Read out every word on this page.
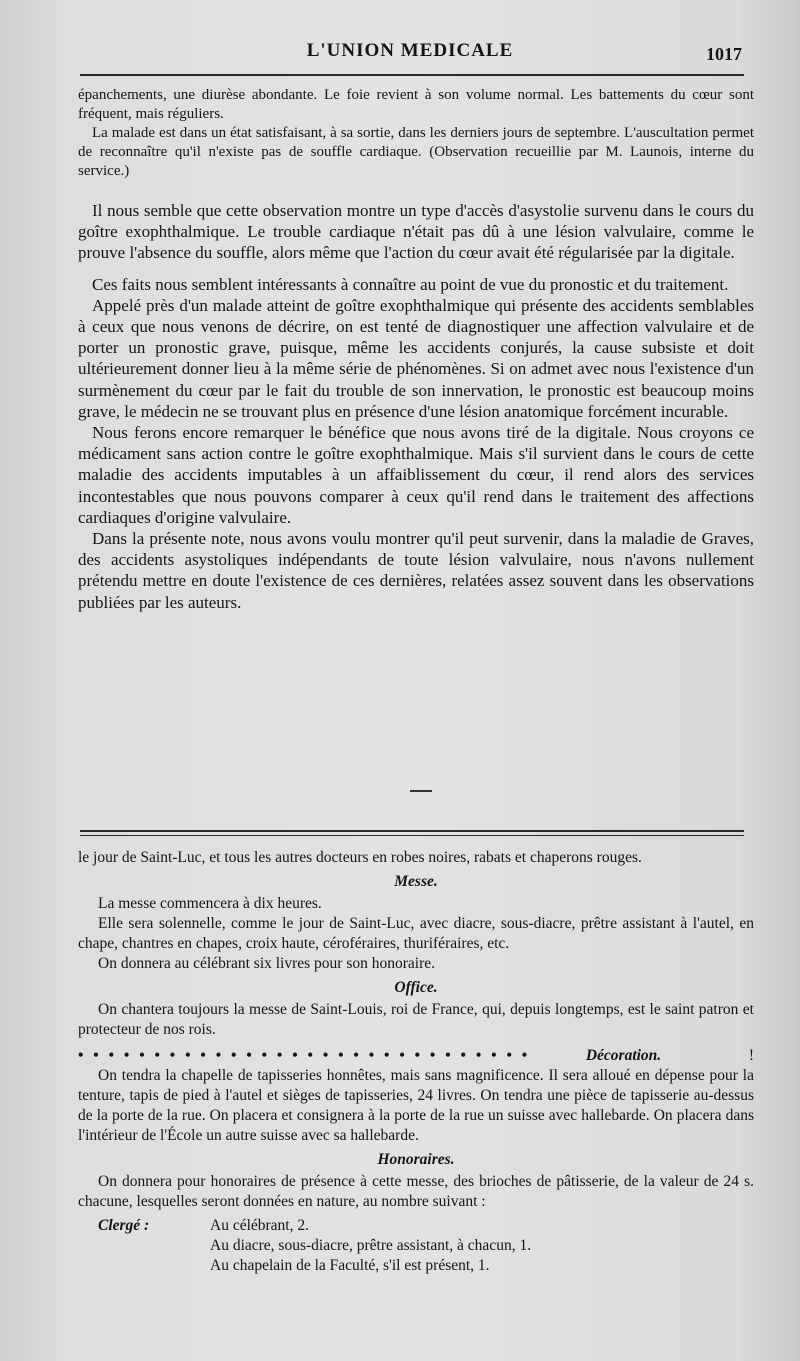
L'UNION MEDICALE	1017

épanchements, une diurèse abondante. Le foie revient à son volume normal. Les battements du cœur sont fréquent, mais réguliers.

La malade est dans un état satisfaisant, à sa sortie, dans les derniers jours de septembre. L'auscultation permet de reconnaître qu'il n'existe pas de souffle cardiaque. (Observation recueillie par M. Launois, interne du service.)

Il nous semble que cette observation montre un type d'accès d'asystolie survenu dans le cours du goître exophthalmique. Le trouble cardiaque n'était pas dû à une lésion valvulaire, comme le prouve l'absence du souffle, alors même que l'action du cœur avait été régularisée par la digitale.

Ces faits nous semblent intéressants à connaître au point de vue du pronostic et du traitement.

Appelé près d'un malade atteint de goître exophthalmique qui présente des accidents semblables à ceux que nous venons de décrire, on est tenté de diagnostiquer une affection valvulaire et de porter un pronostic grave, puisque, même les accidents conjurés, la cause subsiste et doit ultérieurement donner lieu à la même série de phénomènes. Si on admet avec nous l'existence d'un surmènement du cœur par le fait du trouble de son innervation, le pronostic est beaucoup moins grave, le médecin ne se trouvant plus en présence d'une lésion anatomique forcément incurable.

Nous ferons encore remarquer le bénéfice que nous avons tiré de la digitale. Nous croyons ce médicament sans action contre le goître exophthalmique. Mais s'il survient dans le cours de cette maladie des accidents imputables à un affaiblissement du cœur, il rend alors des services incontestables que nous pouvons comparer à ceux qu'il rend dans le traitement des affections cardiaques d'origine valvulaire.

Dans la présente note, nous avons voulu montrer qu'il peut survenir, dans la maladie de Graves, des accidents asystoliques indépendants de toute lésion valvulaire, nous n'avons nullement prétendu mettre en doute l'existence de ces dernières, relatées assez souvent dans les observations publiées par les auteurs.

le jour de Saint-Luc, et tous les autres docteurs en robes noires, rabats et chaperons rouges.

Messe.

La messe commencera à dix heures.

Elle sera solennelle, comme le jour de Saint-Luc, avec diacre, sous-diacre, prêtre assistant à l'autel, en chape, chantres en chapes, croix haute, céroféraires, thuriféraires, etc.

On donnera au célébrant six livres pour son honoraire.

Office.

On chantera toujours la messe de Saint-Louis, roi de France, qui, depuis longtemps, est le saint patron et protecteur de nos rois.

• • • • • • • • • • • • • • • • • • • • • • • • • • • • • •	Décoration.	!

On tendra la chapelle de tapisseries honnêtes, mais sans magnificence. Il sera alloué en dépense pour la tenture, tapis de pied à l'autel et sièges de tapisseries, 24 livres. On tendra une pièce de tapisserie au-dessus de la porte de la rue. On placera et consignera à la porte de la rue un suisse avec hallebarde. On placera dans l'intérieur de l'École un autre suisse avec sa hallebarde.

Honoraires.

On donnera pour honoraires de présence à cette messe, des brioches de pâtisserie, de la valeur de 24 s. chacune, lesquelles seront données en nature, au nombre suivant :

Clergé :	Au célébrant, 2.
Au diacre, sous-diacre, prêtre assistant, à chacun, 1.
Au chapelain de la Faculté, s'il est présent, 1.
